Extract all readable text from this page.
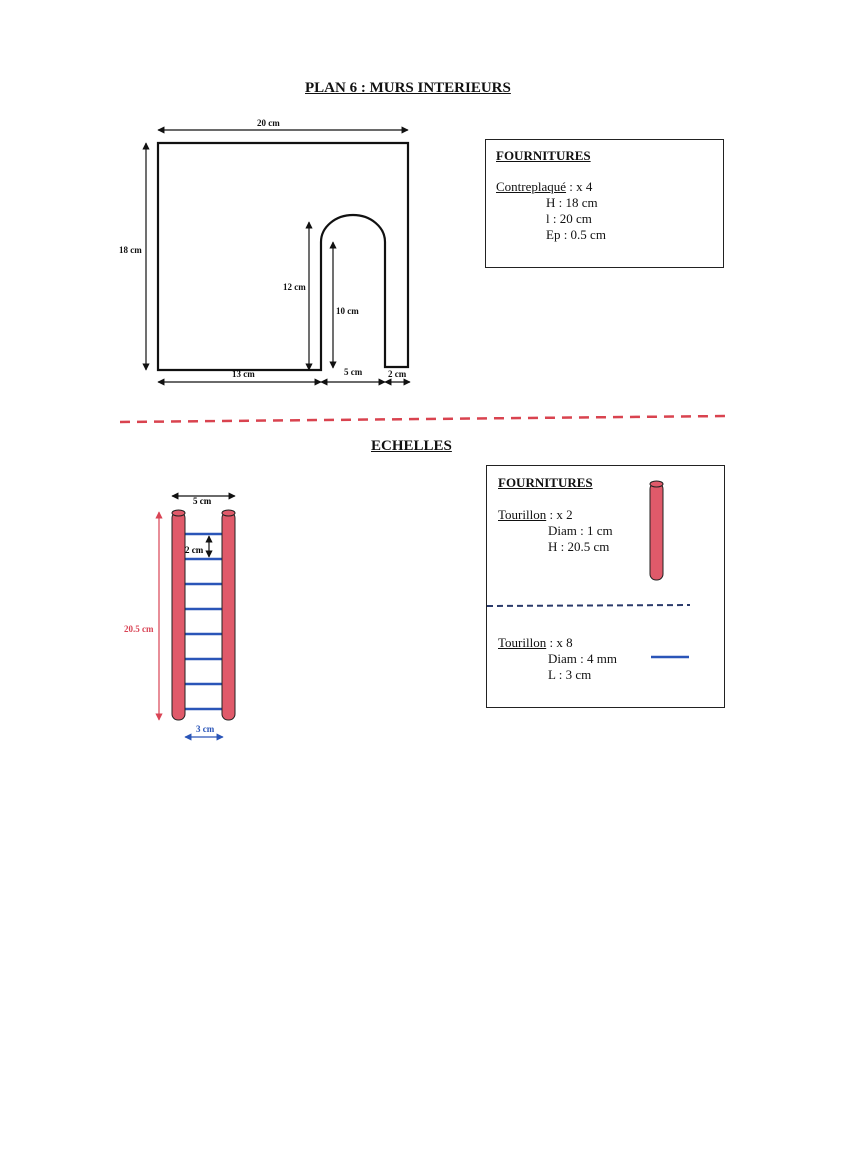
PLAN 6 : MURS INTERIEURS
ECHELLES
20 cm
18 cm
13 cm	5 cm	2 cm
12 cm
10 cm
5 cm
2 cm
20.5 cm
3 cm
FOURNITURES
Contreplaqué : x 4
H : 18 cm
l : 20 cm
Ep : 0.5 cm
FOURNITURES
Tourillon : x 2
Diam : 1 cm
H : 20.5 cm
Tourillon : x 8
Diam : 4 mm
L : 3 cm
